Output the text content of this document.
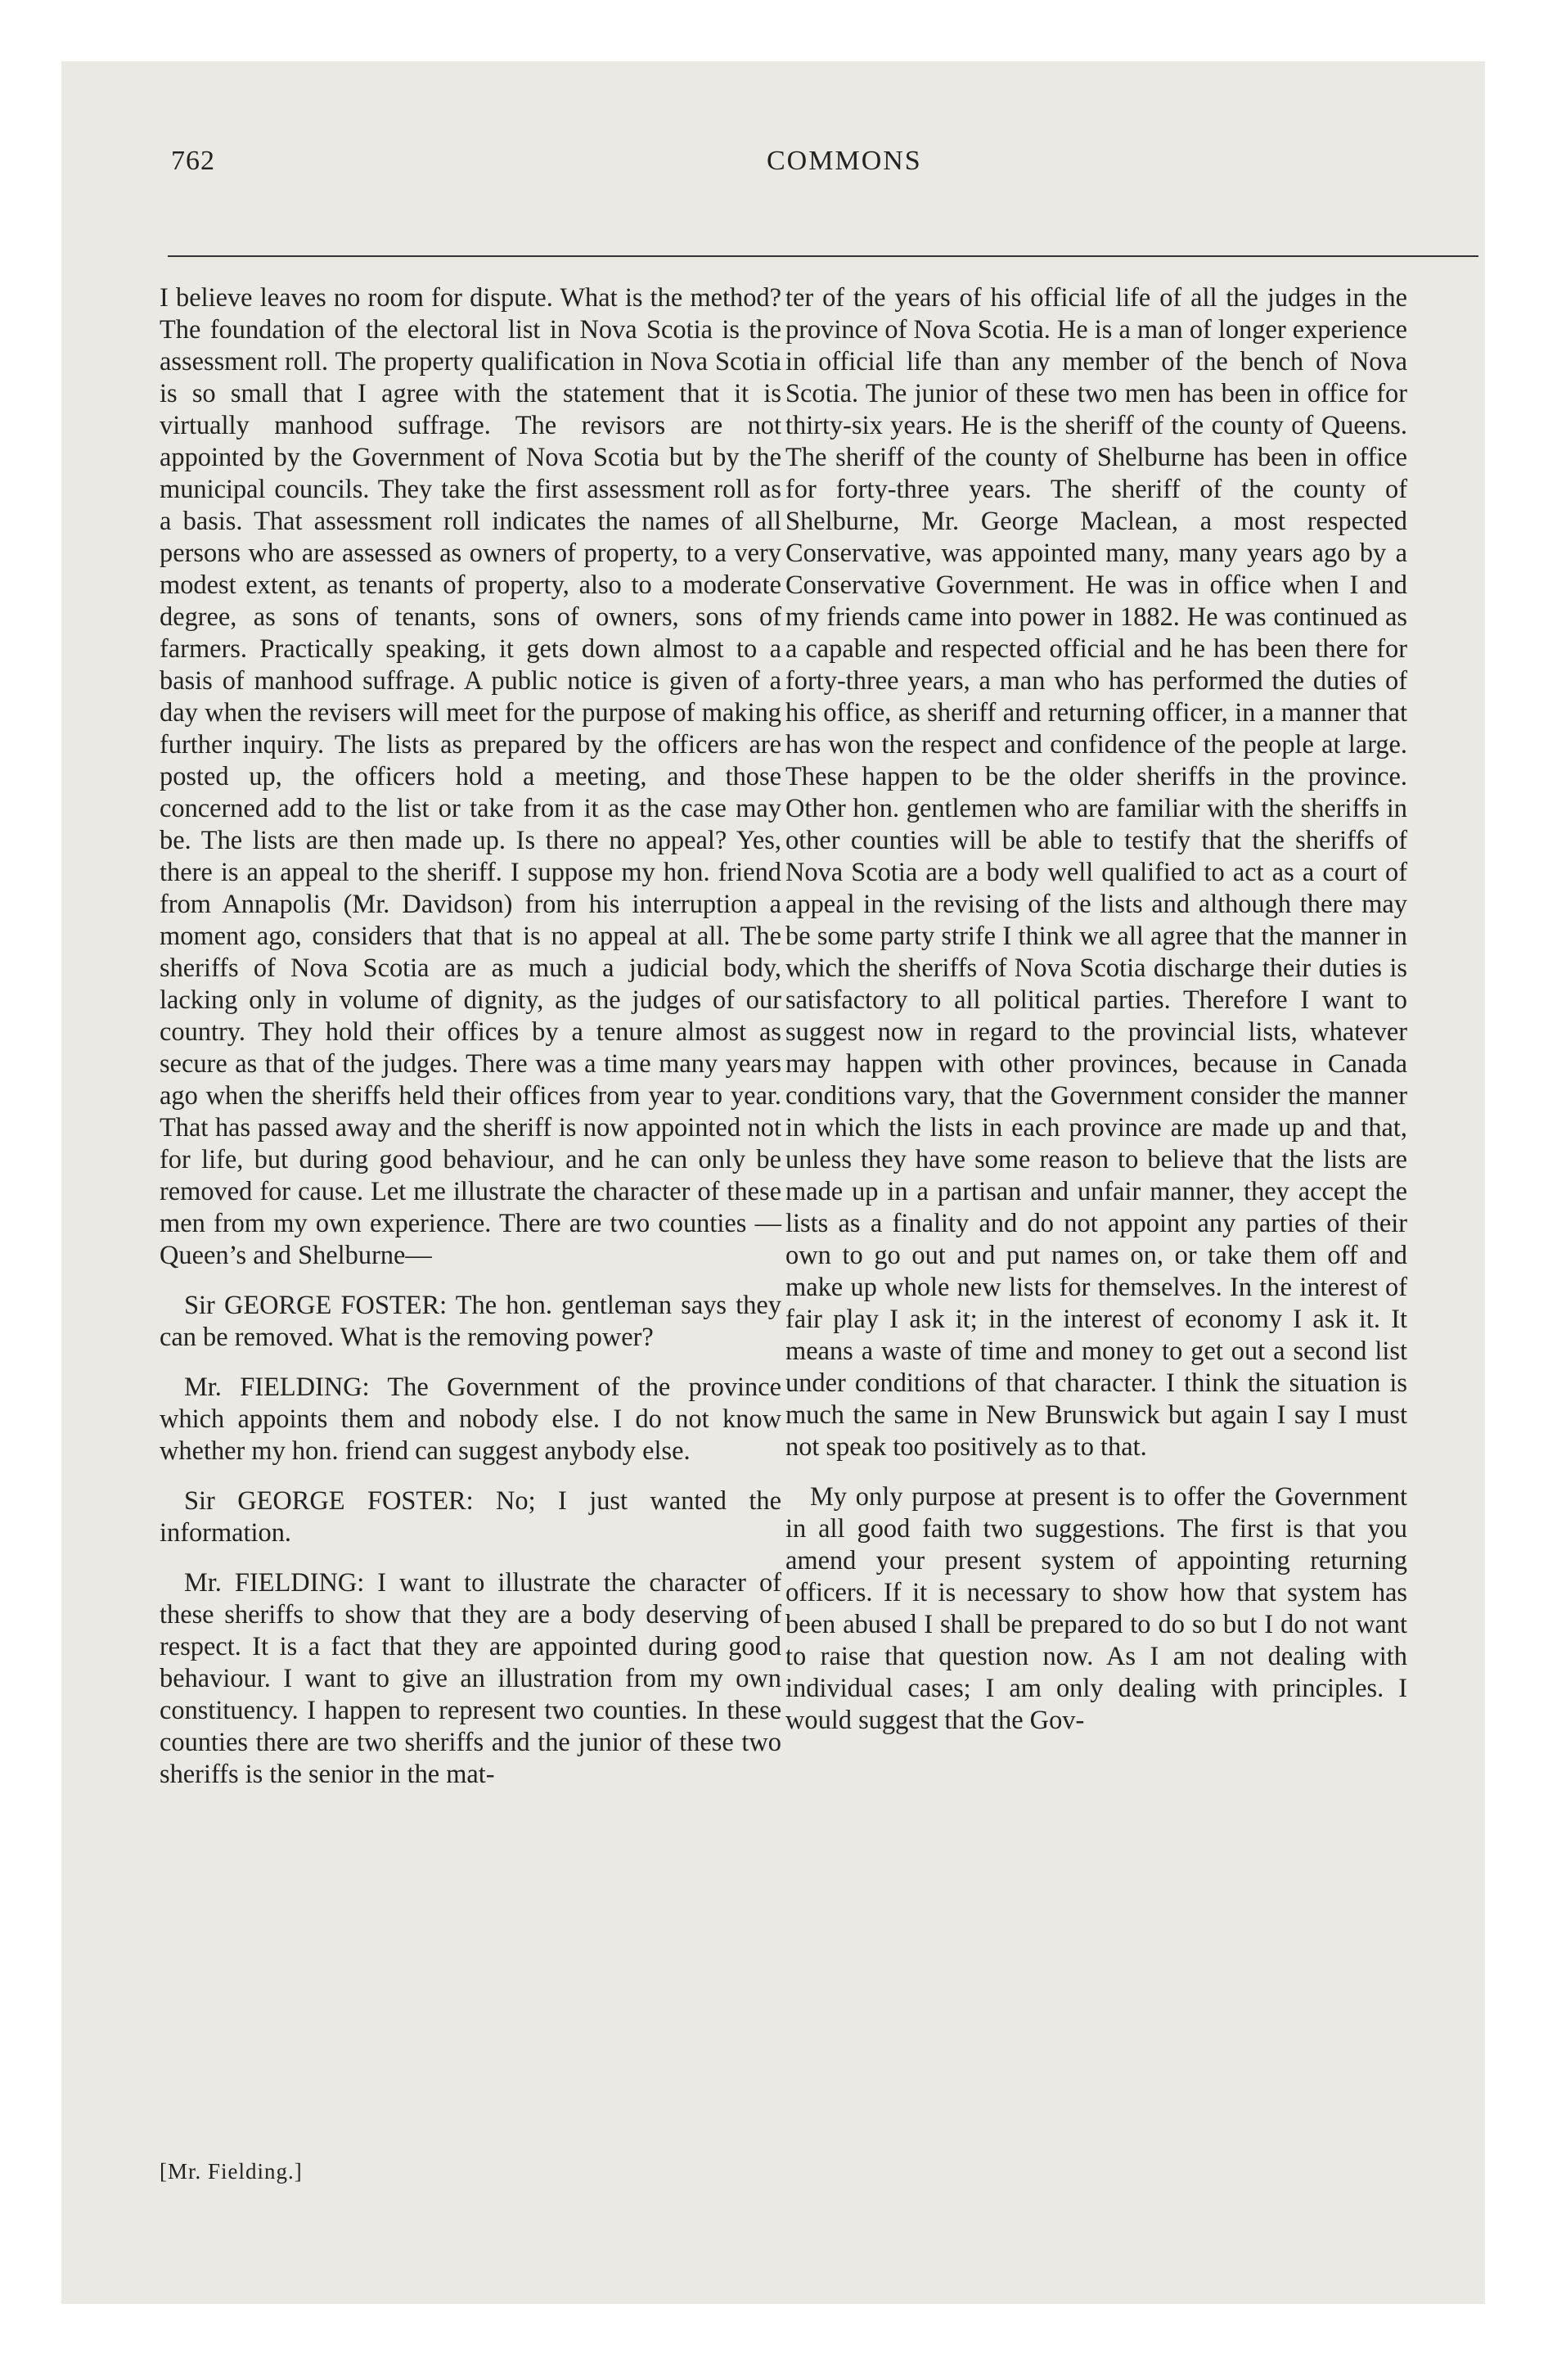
762	COMMONS

I believe leaves no room for dispute. What is the method? The foundation of the electoral list in Nova Scotia is the assessment roll. The property qualification in Nova Scotia is so small that I agree with the statement that it is virtually manhood suffrage. The revisors are not appointed by the Government of Nova Scotia but by the municipal councils. They take the first assessment roll as a basis. That assessment roll indicates the names of all persons who are assessed as owners of property, to a very modest extent, as tenants of property, also to a moderate degree, as sons of tenants, sons of owners, sons of farmers. Practically speaking, it gets down almost to a basis of manhood suffrage. A public notice is given of a day when the revisers will meet for the purpose of making further inquiry. The lists as prepared by the officers are posted up, the officers hold a meeting, and those concerned add to the list or take from it as the case may be. The lists are then made up. Is there no appeal? Yes, there is an appeal to the sheriff. I suppose my hon. friend from Annapolis (Mr. Davidson) from his interruption a moment ago, considers that that is no appeal at all. The sheriffs of Nova Scotia are as much a judicial body, lacking only in volume of dignity, as the judges of our country. They hold their offices by a tenure almost as secure as that of the judges. There was a time many years ago when the sheriffs held their offices from year to year. That has passed away and the sheriff is now appointed not for life, but during good behaviour, and he can only be removed for cause. Let me illustrate the character of these men from my own experience. There are two counties —Queen’s and Shelburne—

Sir GEORGE FOSTER: The hon. gentleman says they can be removed. What is the removing power?

Mr. FIELDING: The Government of the province which appoints them and nobody else. I do not know whether my hon. friend can suggest anybody else.

Sir GEORGE FOSTER: No; I just wanted the information.

Mr. FIELDING: I want to illustrate the character of these sheriffs to show that they are a body deserving of respect. It is a fact that they are appointed during good behaviour. I want to give an illustration from my own constituency. I happen to represent two counties. In these counties there are two sheriffs and the junior of these two sheriffs is the senior in the mat-

ter of the years of his official life of all the judges in the province of Nova Scotia. He is a man of longer experience in official life than any member of the bench of Nova Scotia. The junior of these two men has been in office for thirty-six years. He is the sheriff of the county of Queens. The sheriff of the county of Shelburne has been in office for forty-three years. The sheriff of the county of Shelburne, Mr. George Maclean, a most respected Conservative, was appointed many, many years ago by a Conservative Government. He was in office when I and my friends came into power in 1882. He was continued as a capable and respected official and he has been there for forty-three years, a man who has performed the duties of his office, as sheriff and returning officer, in a manner that has won the respect and confidence of the people at large. These happen to be the older sheriffs in the province. Other hon. gentlemen who are familiar with the sheriffs in other counties will be able to testify that the sheriffs of Nova Scotia are a body well qualified to act as a court of appeal in the revising of the lists and although there may be some party strife I think we all agree that the manner in which the sheriffs of Nova Scotia discharge their duties is satisfactory to all political parties. Therefore I want to suggest now in regard to the provincial lists, whatever may happen with other provinces, because in Canada conditions vary, that the Government consider the manner in which the lists in each province are made up and that, unless they have some reason to believe that the lists are made up in a partisan and unfair manner, they accept the lists as a finality and do not appoint any parties of their own to go out and put names on, or take them off and make up whole new lists for themselves. In the interest of fair play I ask it; in the interest of economy I ask it. It means a waste of time and money to get out a second list under conditions of that character. I think the situation is much the same in New Brunswick but again I say I must not speak too positively as to that.

My only purpose at present is to offer the Government in all good faith two suggestions. The first is that you amend your present system of appointing returning officers. If it is necessary to show how that system has been abused I shall be prepared to do so but I do not want to raise that question now. As I am not dealing with individual cases; I am only dealing with principles. I would suggest that the Gov-

[Mr. Fielding.]
